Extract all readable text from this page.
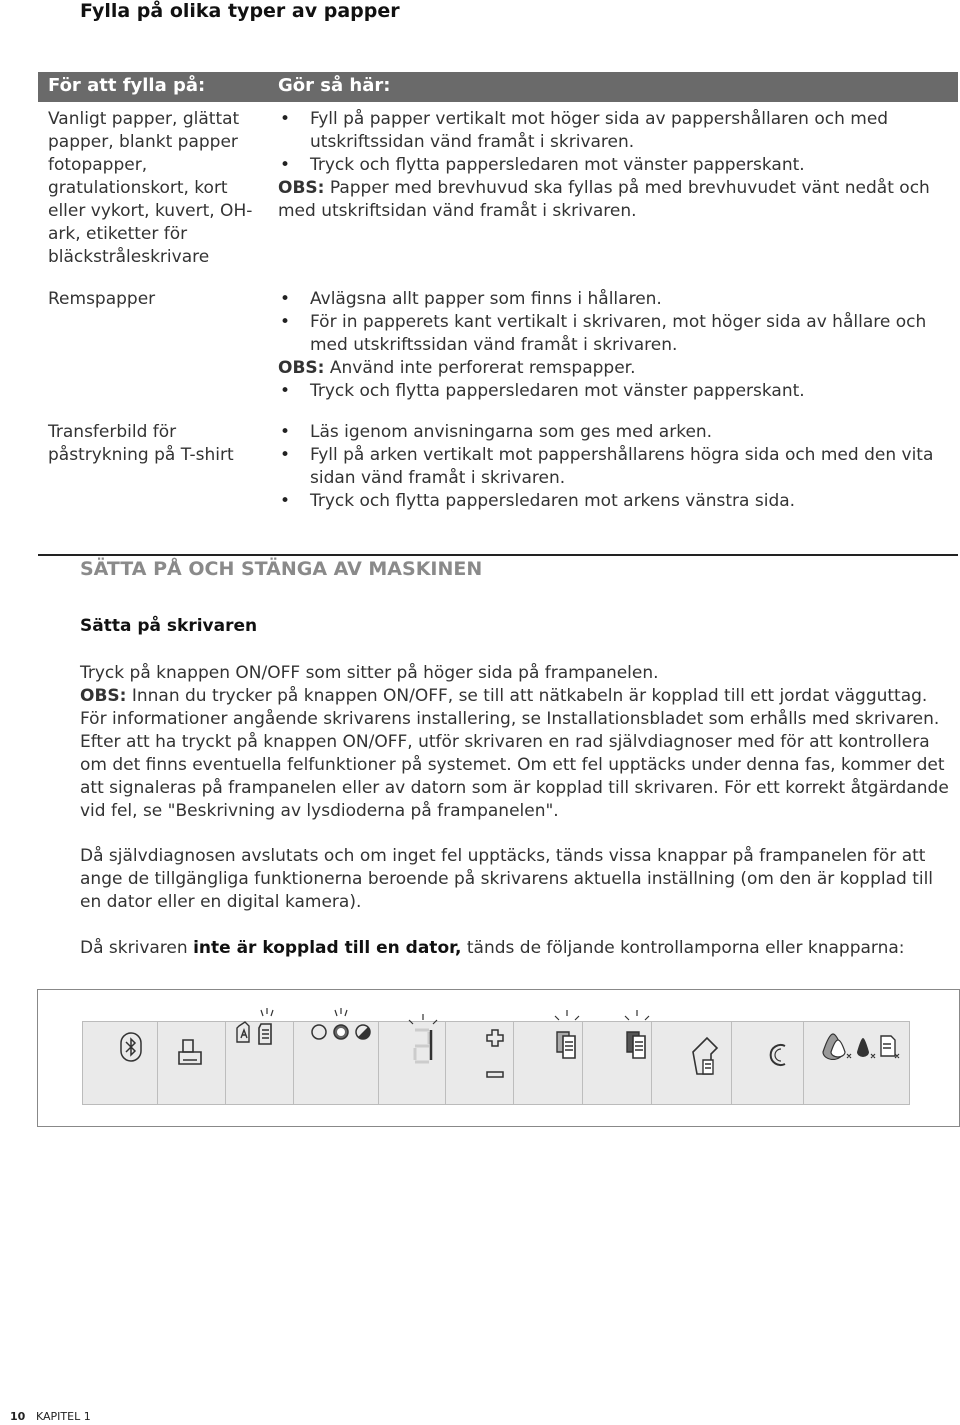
Fylla på olika typer av papper
För att fylla på:	Gör så här:
Vanligt papper, glättat papper, blankt papper fotopapper, gratulationskort, kort eller vykort, kuvert, OH-ark, etiketter för bläckstråleskrivare
• Fyll på papper vertikalt mot höger sida av pappershållaren och med utskriftssidan vänd framåt i skrivaren.
• Tryck och flytta pappersledaren mot vänster papperskant.
OBS: Papper med brevhuvud ska fyllas på med brevhuvudet vänt nedåt och med utskriftsidan vänd framåt i skrivaren.
Remspapper
•	Avlägsna allt papper som finns i hållaren.
• För in papperets kant vertikalt i skrivaren, mot höger sida av hållare och med utskriftssidan vänd framåt i skrivaren.
OBS: Använd inte perforerat remspapper.
• Tryck och flytta pappersledaren mot vänster papperskant.
Transferbild för påstrykning på T-shirt
• Läs igenom anvisningarna som ges med arken.
• Fyll på arken vertikalt mot pappershållarens högra sida och med den vita sidan vänd framåt i skrivaren.
• Tryck och flytta pappersledaren mot arkens vänstra sida.
SÄTTA PÅ OCH STÄNGA AV MASKINEN
Sätta på skrivaren

Tryck på knappen ON/OFF som sitter på höger sida på frampanelen.
OBS: Innan du trycker på knappen ON/OFF, se till att nätkabeln är kopplad till ett jordat vägguttag. För informationer angående skrivarens installering, se Installationsbladet som erhålls med skrivaren.
Efter att ha tryckt på knappen ON/OFF, utför skrivaren en rad självdiagnoser med för att kontrollera om det finns eventuella felfunktioner på systemet. Om ett fel upptäcks under denna fas, kommer det att signaleras på frampanelen eller av datorn som är kopplad till skrivaren. För ett korrekt åtgärdande vid fel, se "Beskrivning av lysdioderna på frampanelen".

Då självdiagnosen avslutats och om inget fel upptäcks, tänds vissa knappar på frampanelen för att ange de tillgängliga funktionerna beroende på skrivarens aktuella inställning (om den är kopplad till en dator eller en digital kamera).
Då skrivaren inte är kopplad till en dator, tänds de följande kontrollamporna eller knapparna:
10 KAPITEL 1
